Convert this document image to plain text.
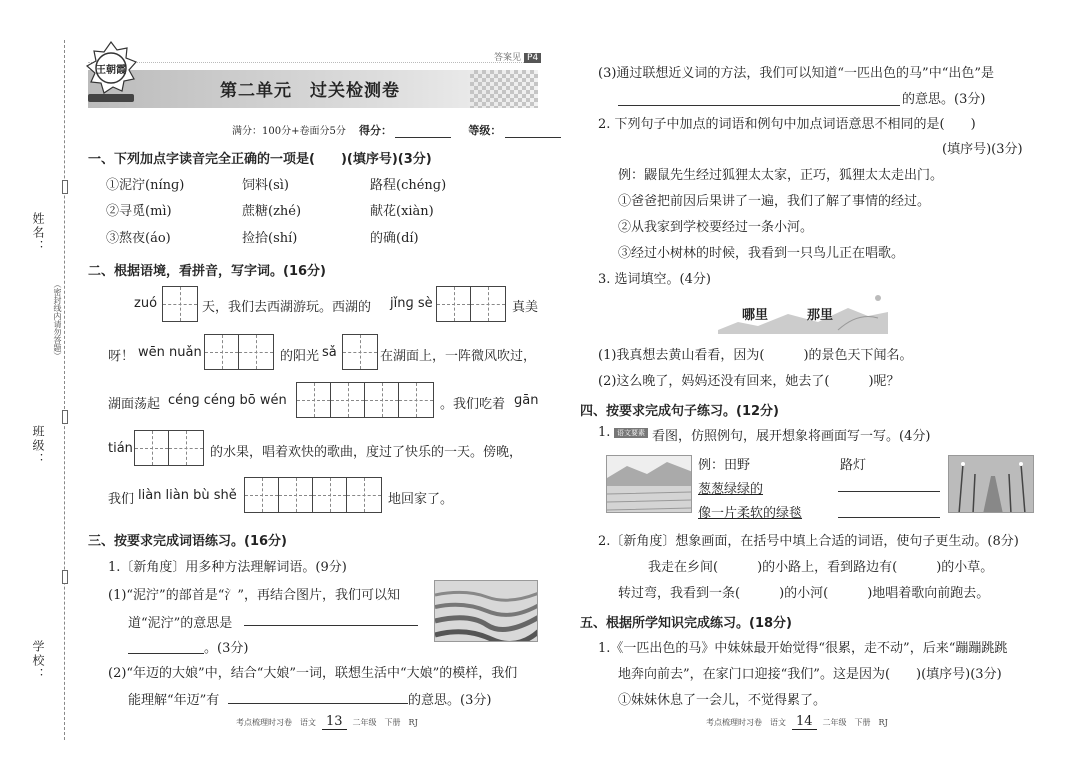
姓名：
（密封线内请勿答题）
班级：
学校：
答案见 P4
王朝霞
第二单元　过关检测卷
满分：100分+卷面分5分 得分：	等级：
一、下列加点字读音完全正确的一项是(　　)(填序号)(3分)
①泥泞(nínɡ)	饲料(sì)	路程(chénɡ)
②寻觅(mì)	蔗糖(zhé)	献花(xiàn)
③熬夜(áo)	捡拾(shí)	的确(dí)
二、根据语境，看拼音，写字词。(16分)
zuó	天，我们去西湖游玩。西湖的 jǐnɡ sè	真美
呀！ wēn nuǎn	的阳光 sǎ	在湖面上，一阵微风吹过，
湖面荡起 cénɡ cénɡ bō wén	。我们吃着 ɡān
tián	的水果，唱着欢快的歌曲，度过了快乐的一天。傍晚，
我们 liàn liàn bù shě	地回家了。
三、按要求完成词语练习。(16分)
1.〔新角度〕用多种方法理解词语。(9分)
(1)“泥泞”的部首是“氵”，再结合图片，我们可以知
道“泥泞”的意思是
。(3分)
(2)“年迈的大娘”中，结合“大娘”一词，联想生活中“大娘”的模样，我们
能理解“年迈”有	的意思。(3分)
考点梳理时习卷　语文 13 二年级　下册　RJ
(3)通过联想近义词的方法，我们可以知道“一匹出色的马”中“出色”是
的意思。(3分)
2. 下列句子中加点的词语和例句中加点词语意思不相同的是(　　)
(填序号)(3分)
例：鼹鼠先生经过狐狸太太家，正巧，狐狸太太走出门。
①爸爸把前因后果讲了一遍，我们了解了事情的经过。
②从我家到学校要经过一条小河。
③经过小树林的时候，我看到一只鸟儿正在唱歌。
3. 选词填空。(4分)
哪里　　　那里
(1)我真想去黄山看看，因为(　　　)的景色天下闻名。
(2)这么晚了，妈妈还没有回来，她去了(　　　)呢？
四、按要求完成句子练习。(12分)
1. 语文要素 看图，仿照例句，展开想象将画面写一写。(4分)
例：田野	路灯
葱葱绿绿的
像一片柔软的绿毯
2.〔新角度〕想象画面，在括号中填上合适的词语，使句子更生动。(8分)
我走在乡间(　　　)的小路上，看到路边有(　　　)的小草。
转过弯，我看到一条(　　　)的小河(　　　)地唱着歌向前跑去。
五、根据所学知识完成练习。(18分)
1.《一匹出色的马》中妹妹最开始觉得“很累，走不动”，后来“蹦蹦跳跳
地奔向前去”，在家门口迎接“我们”。这是因为(　　)(填序号)(3分)
①妹妹休息了一会儿，不觉得累了。
考点梳理时习卷　语文 14 二年级　下册　RJ
